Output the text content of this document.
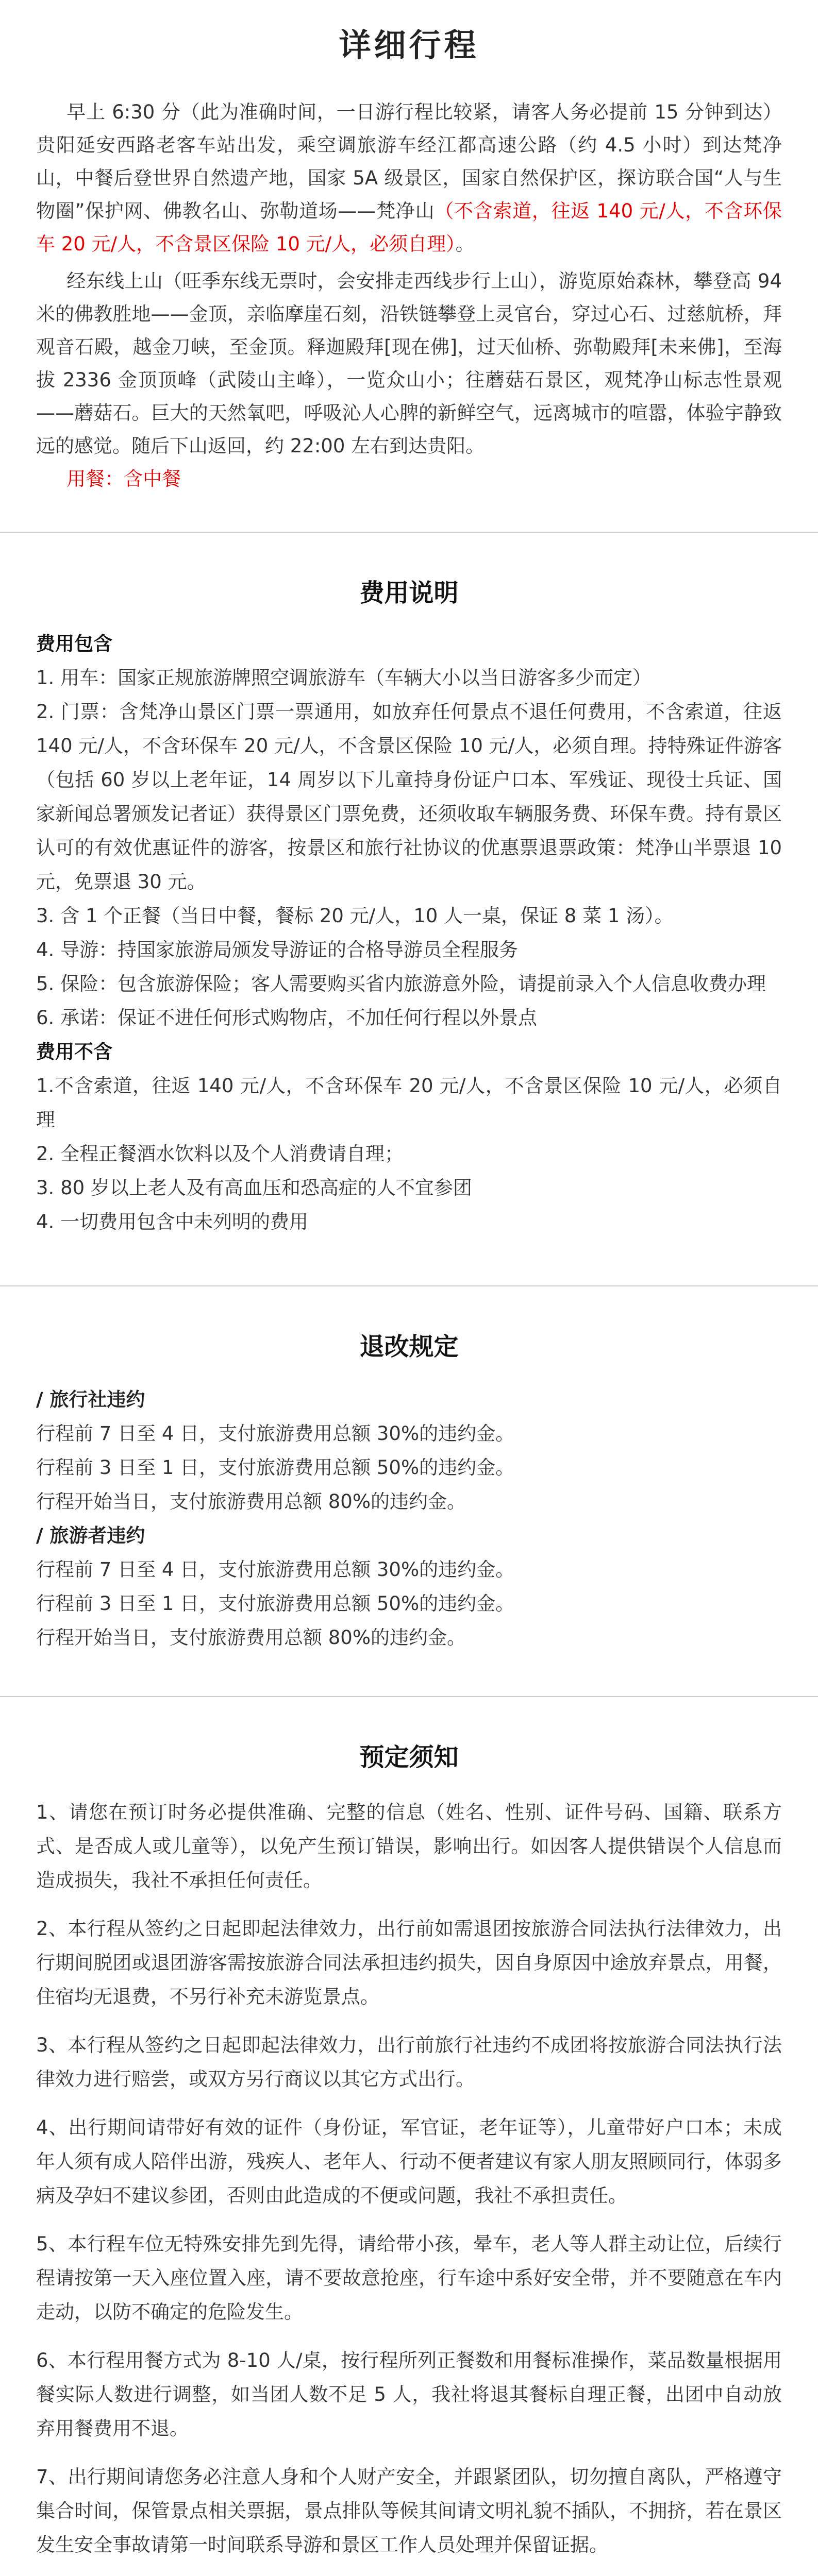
详细行程

早上 6:30 分（此为准确时间，一日游行程比较紧，请客人务必提前 15 分钟到达）贵阳延安西路老客车站出发，乘空调旅游车经江都高速公路（约 4.5 小时）到达梵净山，中餐后登世界自然遗产地，国家 5A 级景区，国家自然保护区，探访联合国“人与生物圈”保护网、佛教名山、弥勒道场——梵净山（不含索道，往返 140 元/人，不含环保车 20 元/人，不含景区保险 10 元/人，必须自理）。

经东线上山（旺季东线无票时，会安排走西线步行上山），游览原始森林，攀登高 94 米的佛教胜地——金顶，亲临摩崖石刻，沿铁链攀登上灵官台，穿过心石、过慈航桥，拜观音石殿，越金刀峡，至金顶。释迦殿拜[现在佛]，过天仙桥、弥勒殿拜[未来佛]，至海拔 2336 金顶顶峰（武陵山主峰），一览众山小；往蘑菇石景区，观梵净山标志性景观——蘑菇石。巨大的天然氧吧，呼吸沁人心脾的新鲜空气，远离城市的喧嚣，体验宇静致远的感觉。随后下山返回，约 22:00 左右到达贵阳。

用餐：含中餐

费用说明
费用包含

1. 用车：国家正规旅游牌照空调旅游车（车辆大小以当日游客多少而定）

2. 门票：含梵净山景区门票一票通用，如放弃任何景点不退任何费用，不含索道，往返 140 元/人，不含环保车 20 元/人，不含景区保险 10 元/人，必须自理。持特殊证件游客（包括 60 岁以上老年证，14 周岁以下儿童持身份证户口本、军残证、现役士兵证、国家新闻总署颁发记者证）获得景区门票免费，还须收取车辆服务费、环保车费。持有景区认可的有效优惠证件的游客，按景区和旅行社协议的优惠票退票政策：梵净山半票退 10 元，免票退 30 元。

3. 含 1 个正餐（当日中餐，餐标 20 元/人，10 人一桌，保证 8 菜 1 汤）。

4. 导游：持国家旅游局颁发导游证的合格导游员全程服务

5. 保险：包含旅游保险；客人需要购买省内旅游意外险，请提前录入个人信息收费办理

6. 承诺：保证不进任何形式购物店，不加任何行程以外景点

费用不含

1.不含索道，往返 140 元/人，不含环保车 20 元/人，不含景区保险 10 元/人，必须自理

2. 全程正餐酒水饮料以及个人消费请自理；

3. 80 岁以上老人及有高血压和恐高症的人不宜参团

4. 一切费用包含中未列明的费用

退改规定
/ 旅行社违约

行程前 7 日至 4 日，支付旅游费用总额 30%的违约金。

行程前 3 日至 1 日，支付旅游费用总额 50%的违约金。

行程开始当日，支付旅游费用总额 80%的违约金。

/ 旅游者违约

行程前 7 日至 4 日，支付旅游费用总额 30%的违约金。

行程前 3 日至 1 日，支付旅游费用总额 50%的违约金。

行程开始当日，支付旅游费用总额 80%的违约金。

预定须知

1、请您在预订时务必提供准确、完整的信息（姓名、性别、证件号码、国籍、联系方式、是否成人或儿童等），以免产生预订错误，影响出行。如因客人提供错误个人信息而造成损失，我社不承担任何责任。

2、本行程从签约之日起即起法律效力，出行前如需退团按旅游合同法执行法律效力，出行期间脱团或退团游客需按旅游合同法承担违约损失，因自身原因中途放弃景点，用餐，住宿均无退费，不另行补充未游览景点。

3、本行程从签约之日起即起法律效力，出行前旅行社违约不成团将按旅游合同法执行法律效力进行赔尝，或双方另行商议以其它方式出行。

4、出行期间请带好有效的证件（身份证，军官证，老年证等），儿童带好户口本；未成年人须有成人陪伴出游，残疾人、老年人、行动不便者建议有家人朋友照顾同行，体弱多病及孕妇不建议参团，否则由此造成的不便或问题，我社不承担责任。

5、本行程车位无特殊安排先到先得，请给带小孩，晕车，老人等人群主动让位，后续行程请按第一天入座位置入座，请不要故意抢座，行车途中系好安全带，并不要随意在车内走动，以防不确定的危险发生。

6、本行程用餐方式为 8-10 人/桌，按行程所列正餐数和用餐标准操作，菜品数量根据用餐实际人数进行调整，如当团人数不足 5 人，我社将退其餐标自理正餐，出团中自动放弃用餐费用不退。

7、出行期间请您务必注意人身和个人财产安全，并跟紧团队，切勿擅自离队，严格遵守集合时间，保管景点相关票据，景点排队等候其间请文明礼貌不插队，不拥挤，若在景区发生安全事故请第一时间联系导游和景区工作人员处理并保留证据。
